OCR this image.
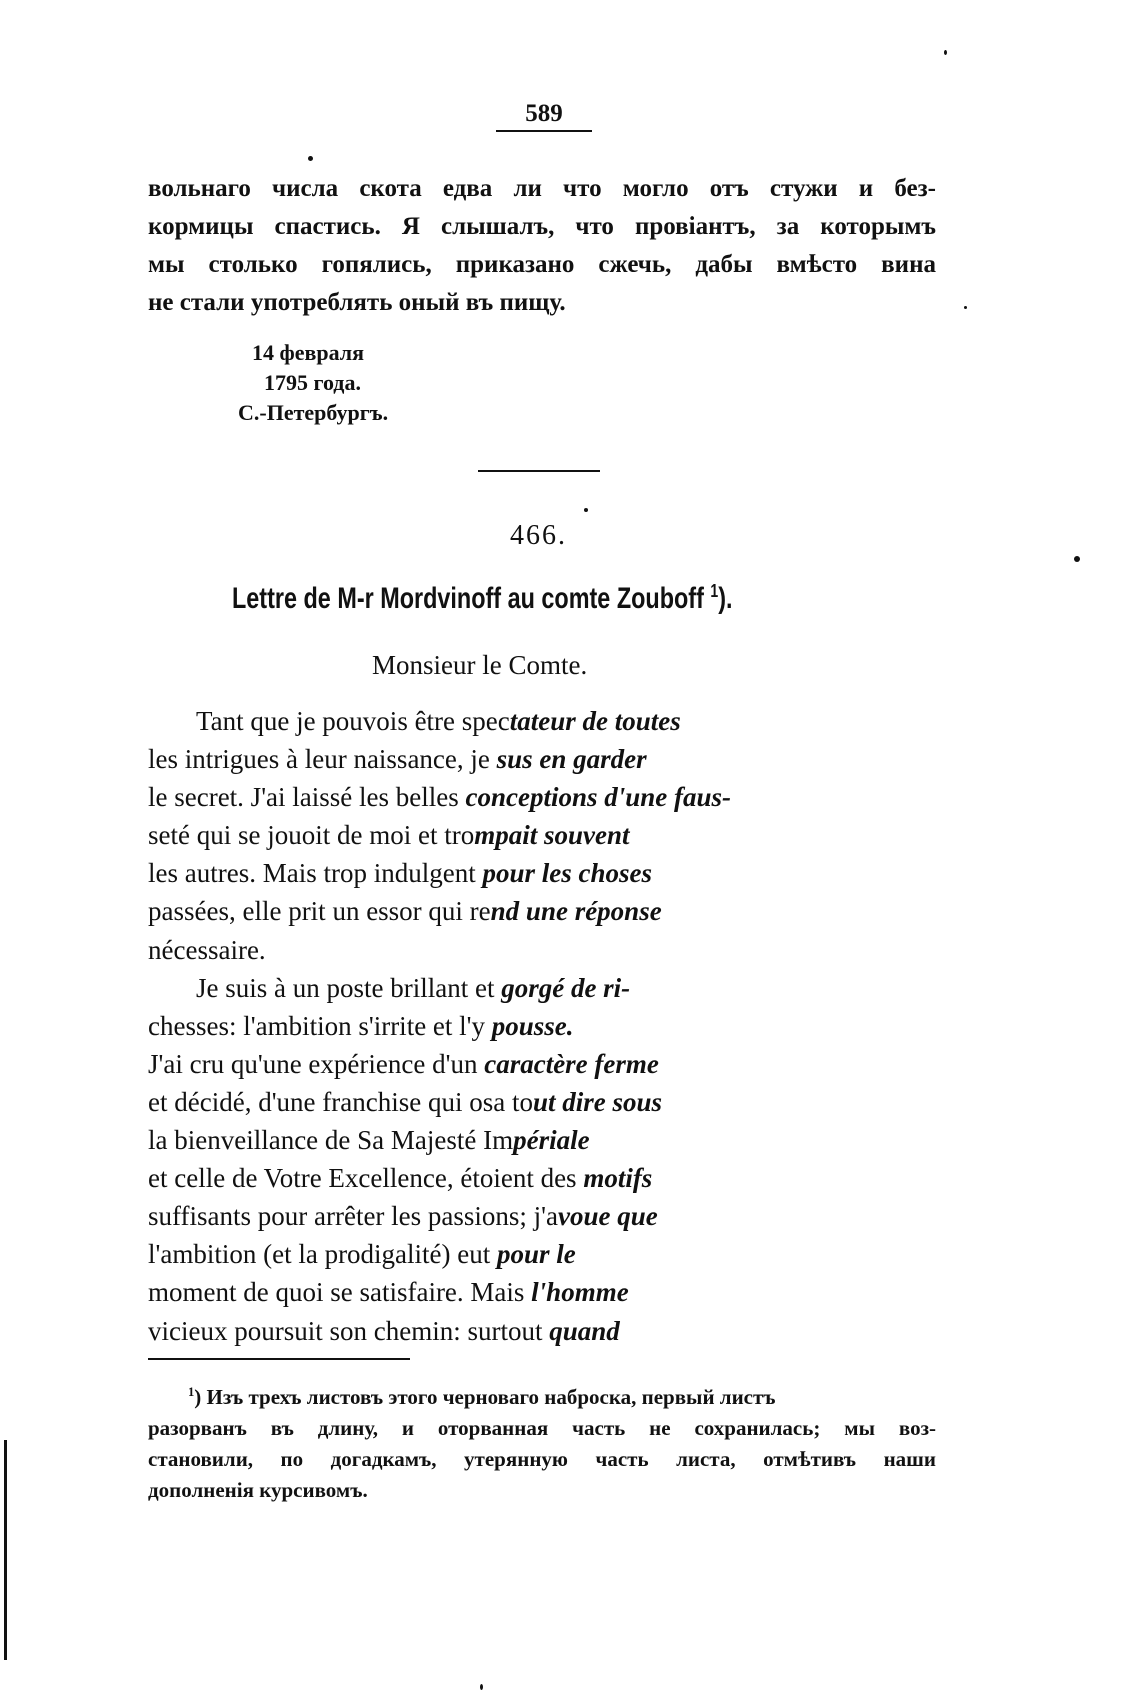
589
вольнаго числа скота едва ли что могло отъ стужи и без-
кормицы спастись. Я слышалъ, что провіантъ, за которымъ
мы столько гопялись, приказано сжечь, дабы вмѣсто вина
не стали употреблять оный въ пищу.
14 февраля
1795 года.
С.-Петербургъ.
466.
Lettre de M-r Mordvinoff au comte Zouboff $^1$).
Monsieur le Comte.
Tant que je pouvois être spectateur de toutes
les intrigues à leur naissance, je sus en garder
le secret. J'ai laissé les belles conceptions d'une faus-
seté qui se jouoit de moi et trompait souvent
les autres. Mais trop indulgent pour les choses
passées, elle prit un essor qui rend une réponse
nécessaire.
Je suis à un poste brillant et gorgé de ri-
chesses: l'ambition s'irrite et l'y pousse.
J'ai cru qu'une expérience d'un caractère ferme
et décidé, d'une franchise qui osa tout dire sous
la bienveillance de Sa Majesté Impériale
et celle de Votre Excellence, étoient des motifs
suffisants pour arrêter les passions; j'avoue que
l'ambition (et la prodigalité) eut pour le
moment de quoi se satisfaire. Mais l'homme
vicieux poursuit son chemin: surtout quand
$^1$) Изъ трехъ листовъ этого черноваго наброска, первый листъ
разорванъ въ длину, и оторванная часть не сохранилась; мы воз-
становили, по догадкамъ, утерянную часть листа, отмѣтивъ наши
дополненія курсивомъ.
